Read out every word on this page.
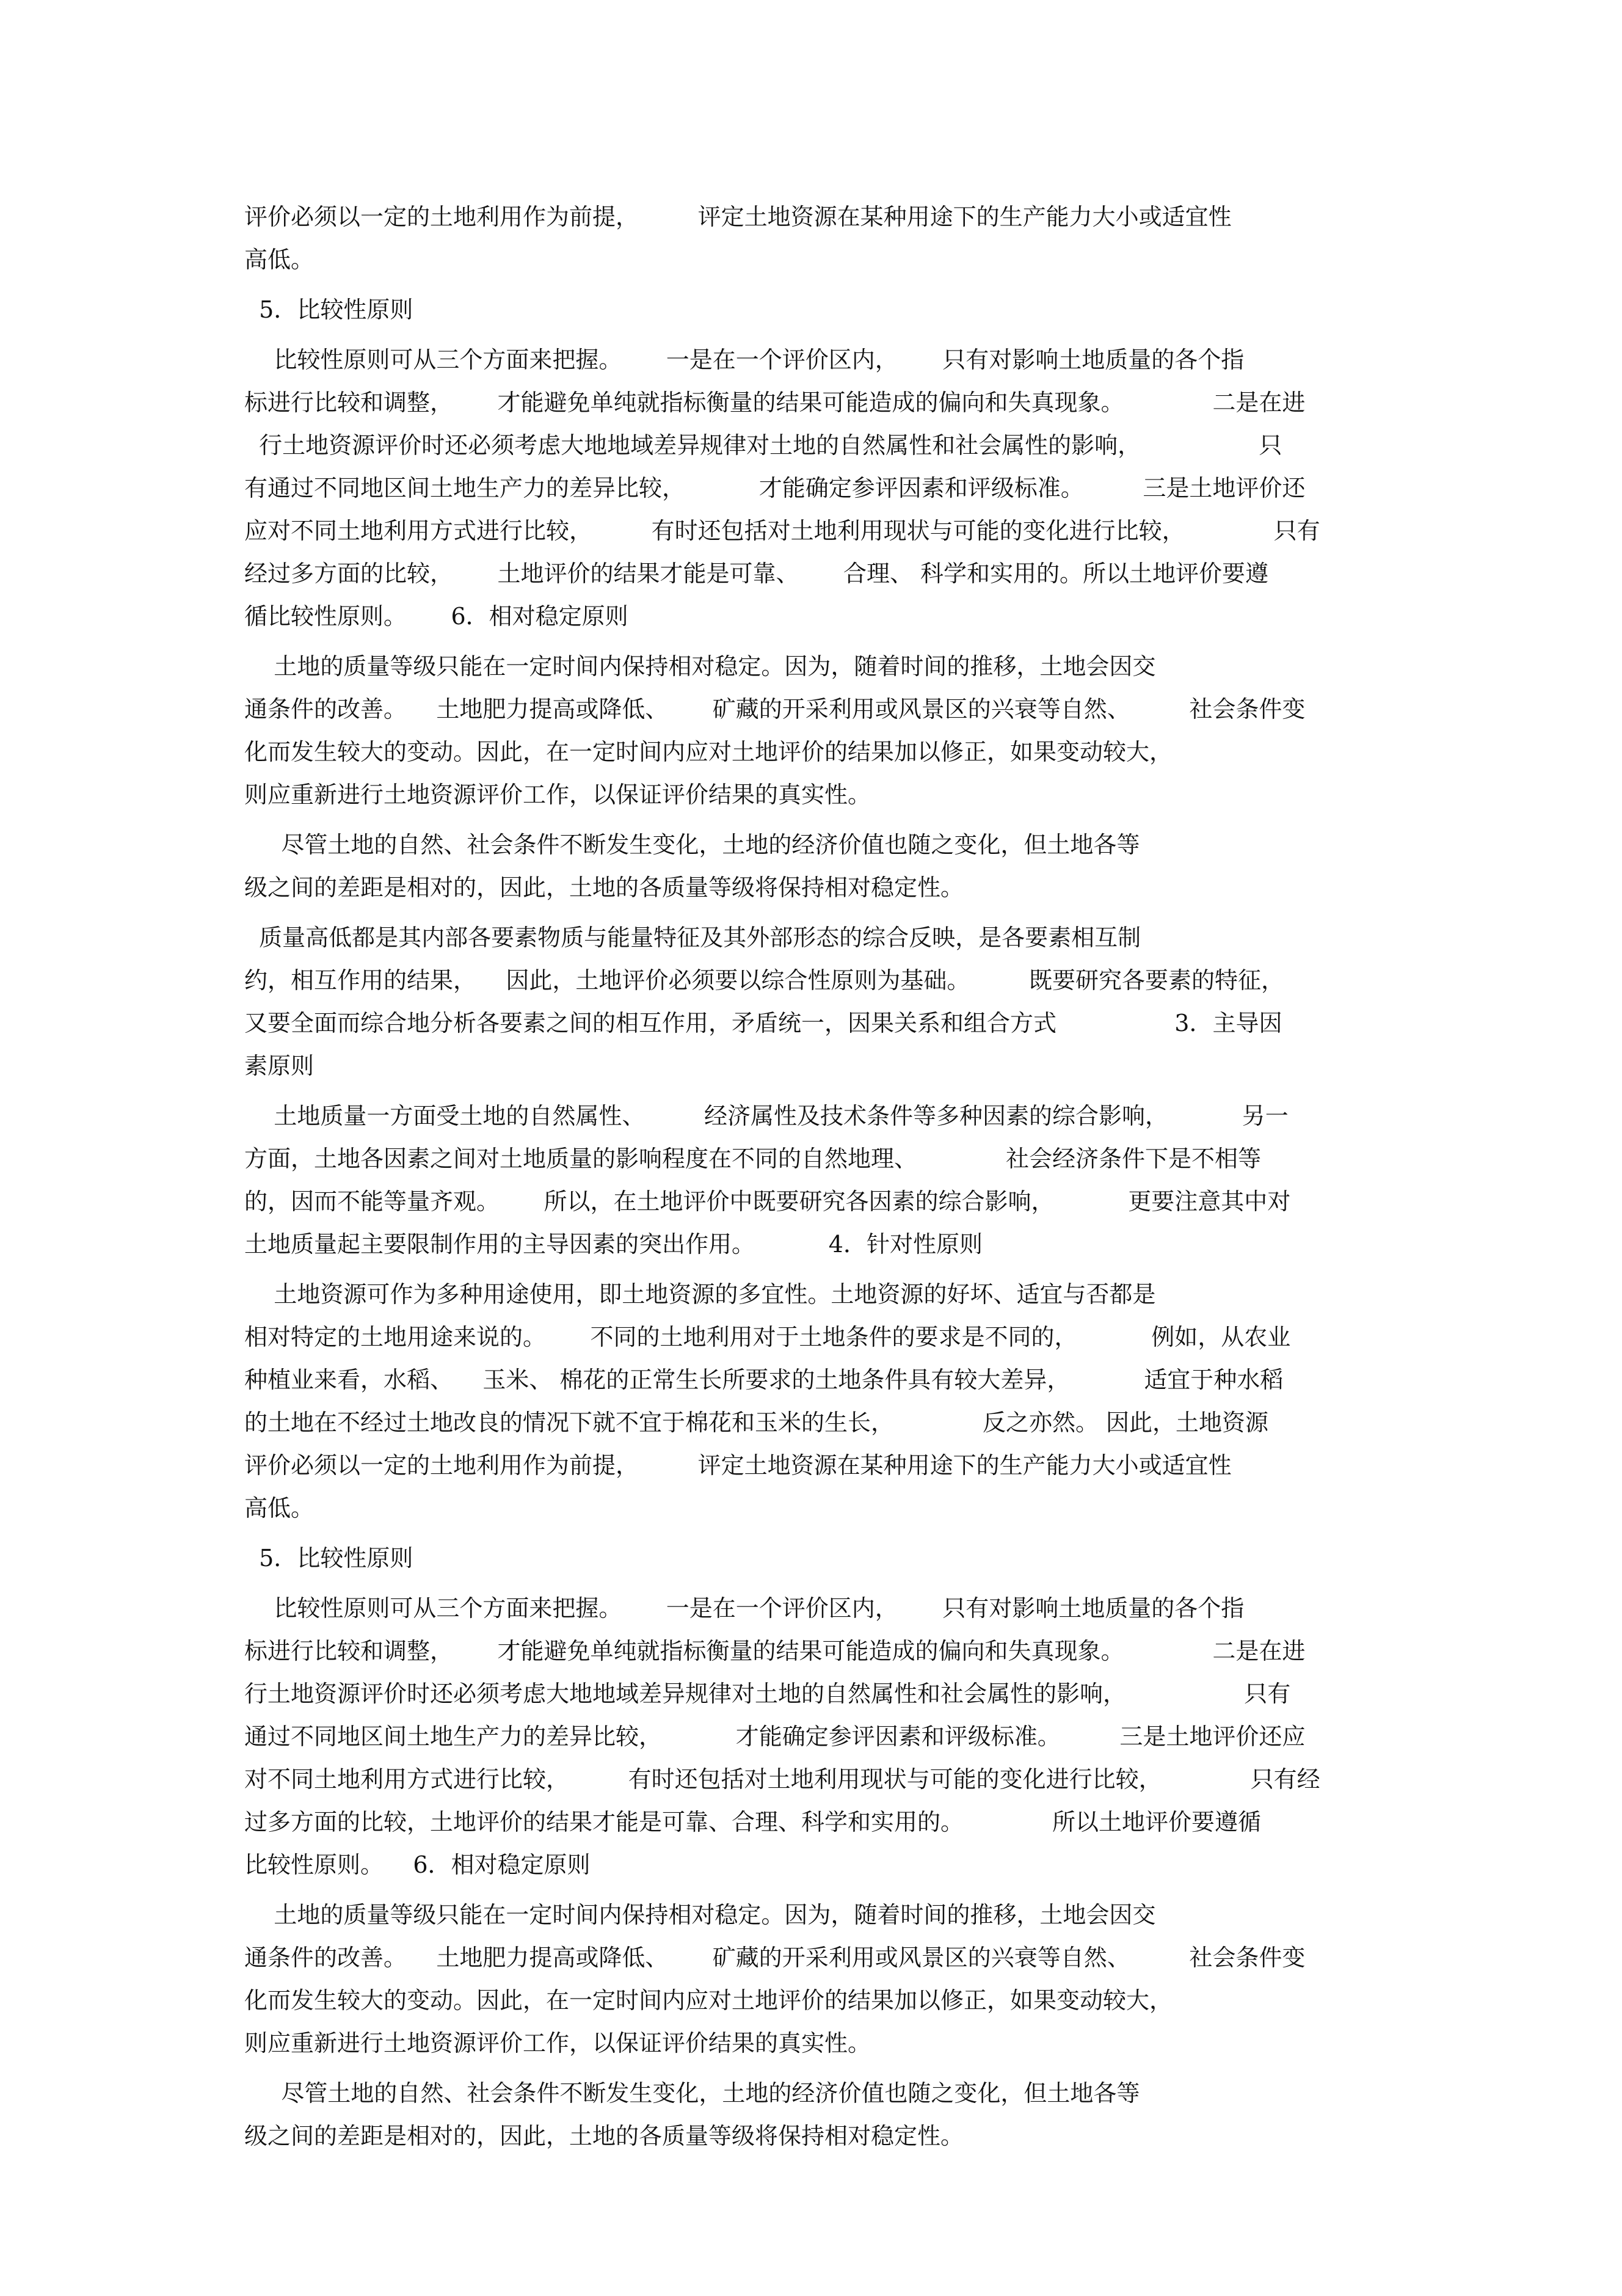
评价必须以一定的土地利用作为前提，        评定土地资源在某种用途下的生产能力大小或适宜性
高低。
5．比较性原则
比较性原则可从三个方面来把握。      一是在一个评价区内，      只有对影响土地质量的各个指
标进行比较和调整，      才能避免单纯就指标衡量的结果可能造成的偏向和失真现象。            二是在进
行土地资源评价时还必须考虑大地地域差异规律对土地的自然属性和社会属性的影响，                只
有通过不同地区间土地生产力的差异比较，          才能确定参评因素和评级标准。        三是土地评价还
应对不同土地利用方式进行比较，        有时还包括对土地利用现状与可能的变化进行比较，            只有
经过多方面的比较，      土地评价的结果才能是可靠、      合理、 科学和实用的。所以土地评价要遵
循比较性原则。      6．相对稳定原则
土地的质量等级只能在一定时间内保持相对稳定。因为，随着时间的推移，土地会因交
通条件的改善。    土地肥力提高或降低、      矿藏的开采利用或风景区的兴衰等自然、        社会条件变
化而发生较大的变动。因此，在一定时间内应对土地评价的结果加以修正，如果变动较大，
则应重新进行土地资源评价工作，以保证评价结果的真实性。
尽管土地的自然、社会条件不断发生变化，土地的经济价值也随之变化，但土地各等
级之间的差距是相对的，因此，土地的各质量等级将保持相对稳定性。
质量高低都是其内部各要素物质与能量特征及其外部形态的综合反映，是各要素相互制
约，相互作用的结果，    因此，土地评价必须要以综合性原则为基础。        既要研究各要素的特征，
又要全面而综合地分析各要素之间的相互作用，矛盾统一，因果关系和组合方式                3．主导因
素原则
土地质量一方面受土地的自然属性、        经济属性及技术条件等多种因素的综合影响，          另一
方面，土地各因素之间对土地质量的影响程度在不同的自然地理、            社会经济条件下是不相等
的，因而不能等量齐观。      所以，在土地评价中既要研究各因素的综合影响，          更要注意其中对
土地质量起主要限制作用的主导因素的突出作用。          4．针对性原则
土地资源可作为多种用途使用，即土地资源的多宜性。土地资源的好坏、适宜与否都是
相对特定的土地用途来说的。      不同的土地利用对于土地条件的要求是不同的，          例如，从农业
种植业来看，水稻、    玉米、 棉花的正常生长所要求的土地条件具有较大差异，          适宜于种水稻
的土地在不经过土地改良的情况下就不宜于棉花和玉米的生长，            反之亦然。 因此，土地资源
评价必须以一定的土地利用作为前提，        评定土地资源在某种用途下的生产能力大小或适宜性
高低。
5．比较性原则
比较性原则可从三个方面来把握。      一是在一个评价区内，      只有对影响土地质量的各个指
标进行比较和调整，      才能避免单纯就指标衡量的结果可能造成的偏向和失真现象。            二是在进
行土地资源评价时还必须考虑大地地域差异规律对土地的自然属性和社会属性的影响，                只有
通过不同地区间土地生产力的差异比较，          才能确定参评因素和评级标准。        三是土地评价还应
对不同土地利用方式进行比较，        有时还包括对土地利用现状与可能的变化进行比较，            只有经
过多方面的比较，土地评价的结果才能是可靠、合理、科学和实用的。            所以土地评价要遵循
比较性原则。    6．相对稳定原则
土地的质量等级只能在一定时间内保持相对稳定。因为，随着时间的推移，土地会因交
通条件的改善。    土地肥力提高或降低、      矿藏的开采利用或风景区的兴衰等自然、        社会条件变
化而发生较大的变动。因此，在一定时间内应对土地评价的结果加以修正，如果变动较大，
则应重新进行土地资源评价工作，以保证评价结果的真实性。
尽管土地的自然、社会条件不断发生变化，土地的经济价值也随之变化，但土地各等
级之间的差距是相对的，因此，土地的各质量等级将保持相对稳定性。
